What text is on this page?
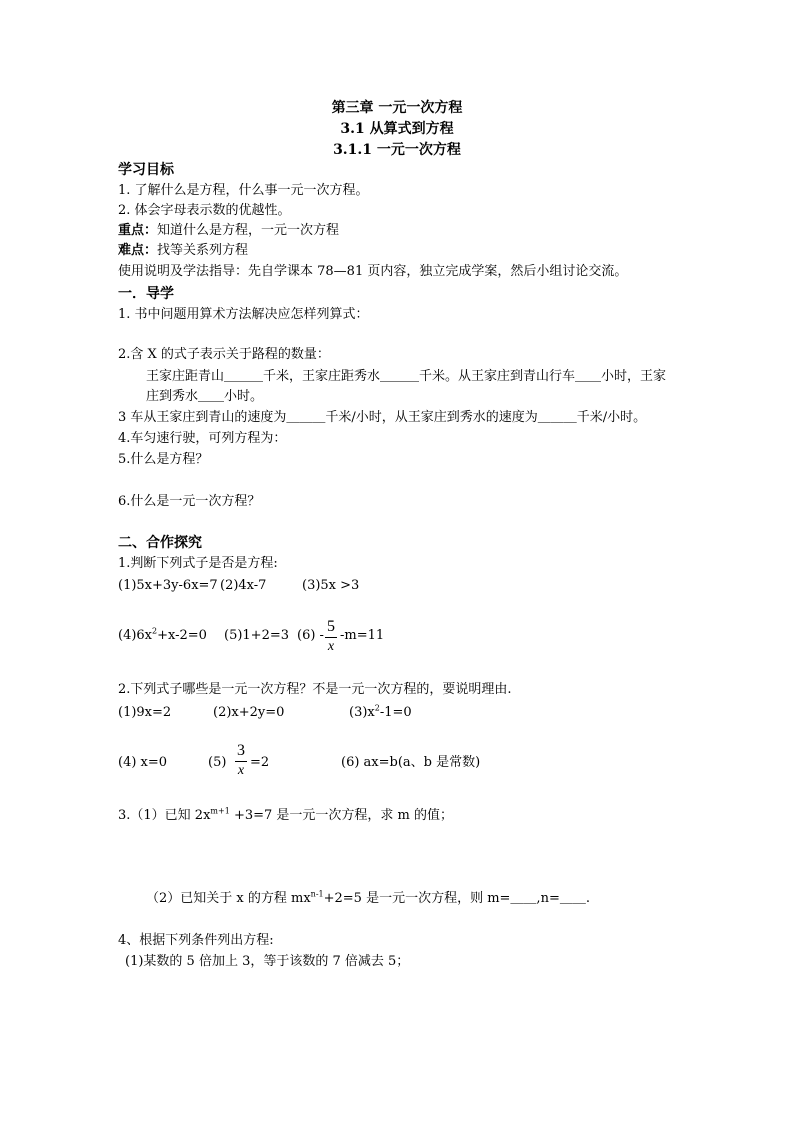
第三章 一元一次方程
3.1 从算式到方程
3.1.1 一元一次方程
学习目标
1. 了解什么是方程，什么事一元一次方程。
2. 体会字母表示数的优越性。
重点：知道什么是方程，一元一次方程
难点：找等关系列方程
使用说明及学法指导：先自学课本 78—81 页内容，独立完成学案，然后小组讨论交流。
一．导学
1. 书中问题用算术方法解决应怎样列算式：
2.含 X 的式子表示关于路程的数量：
王家庄距青山＿＿＿千米，王家庄距秀水＿＿＿千米。从王家庄到青山行车＿＿小时，王家
庄到秀水＿＿小时。
3 车从王家庄到青山的速度为＿＿＿千米/小时，从王家庄到秀水的速度为＿＿＿千米/小时。
4.车匀速行驶，可列方程为：
5.什么是方程？
6.什么是一元一次方程？
二、合作探究
1.判断下列式子是否是方程:
(1)5x+3y-6x=7 (2)4x-7	(3)5x >3
$(4)6x^2+x-2=0$ (5)1+2=3 (6) -
5
x
-m=11
2.下列式子哪些是一元一次方程？不是一元一次方程的，要说明理由.
(1)9x=2	(2)x+2y=0	$(3)x^2-1=0$
(4) x=0	(5)
3
x
=2	(6) ax=b(a、b 是常数)
3.（1）已知 $2x^{m+1} +3=7$ 是一元一次方程，求 m 的值；
（2）已知关于 x 的方程 $mx^{n-1}+2=5$ 是一元一次方程，则 m=＿＿,n=＿＿.
4、根据下列条件列出方程:
(1)某数的 5 倍加上 3，等于该数的 7 倍减去 5；
